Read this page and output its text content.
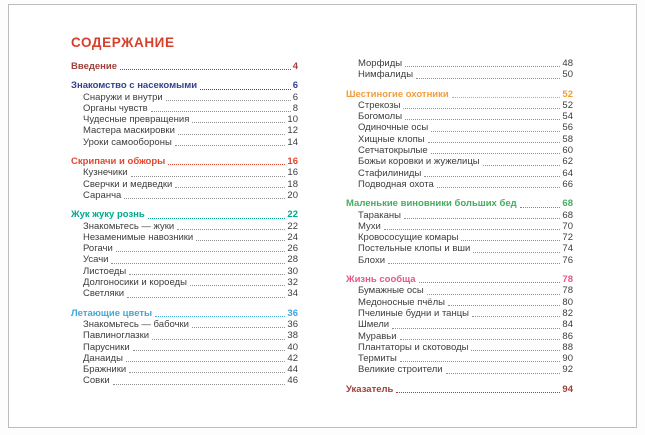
СОДЕРЖАНИЕ
Введение	4
Знакомство с насекомыми	6
Снаружи и внутри	6
Органы чувств	8
Чудесные превращения	10
Мастера маскировки	12
Уроки самообороны	14
Скрипачи и обжоры	16
Кузнечики	16
Сверчки и медведки	18
Саранча	20
Жук жуку рознь	22
Знакомьтесь — жуки	22
Незаменимые навозники	24
Рогачи	26
Усачи	28
Листоеды	30
Долгоносики и короеды	32
Светляки	34
Летающие цветы	36
Знакомьтесь — бабочки	36
Павлиноглазки	38
Парусники	40
Данаиды	42
Бражники	44
Совки	46
Морфиды	48
Нимфалиды	50
Шестиногие охотники	52
Стрекозы	52
Богомолы	54
Одиночные осы	56
Хищные клопы	58
Сетчатокрылые	60
Божьи коровки и жужелицы	62
Стафилиниды	64
Подводная охота	66
Маленькие виновники больших бед	68
Тараканы	68
Мухи	70
Кровососущие комары	72
Постельные клопы и вши	74
Блохи	76
Жизнь сообща	78
Бумажные осы	78
Медоносные пчёлы	80
Пчелиные будни и танцы	82
Шмели	84
Муравьи	86
Плантаторы и скотоводы	88
Термиты	90
Великие строители	92
Указатель	94
